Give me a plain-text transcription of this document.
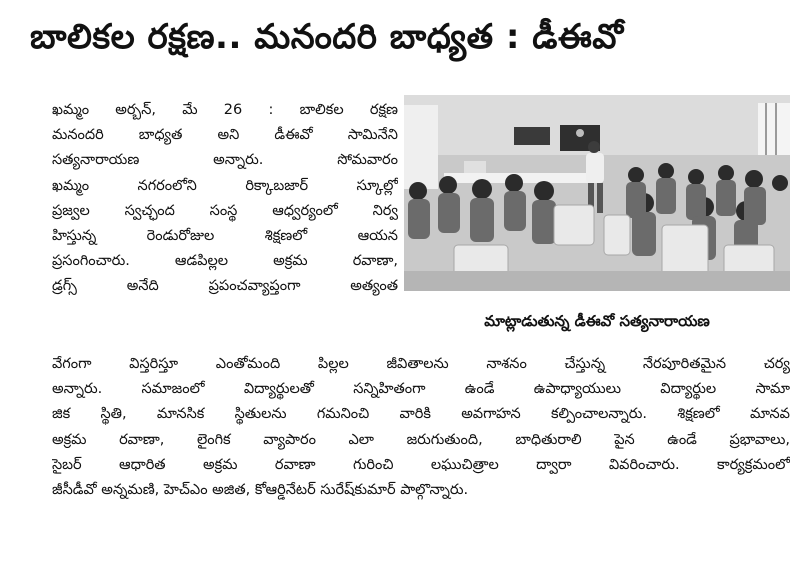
బాలికల రక్షణ.. మనందరి బాధ్యత : డీఈవో
మాట్లాడుతున్న డీఈవో సత్యనారాయణ
ఖమ్మం అర్బన్, మే 26 : బాలికల రక్షణ
మనందరి బాధ్యత అని డీఈవో సామినేని
సత్యనారాయణ అన్నారు. సోమవారం
ఖమ్మం నగరంలోని రిక్కాబజార్ స్కూల్లో
ప్రజ్వల స్వచ్ఛంద సంస్థ ఆధ్వర్యంలో నిర్వ
హిస్తున్న రెండురోజుల శిక్షణలో ఆయన
ప్రసంగించారు. ఆడపిల్లల అక్రమ రవాణా,
డ్రగ్స్ అనేది ప్రపంచవ్యాప్తంగా అత్యంత
వేగంగా విస్తరిస్తూ ఎంతోమంది పిల్లల జీవితాలను నాశనం చేస్తున్న నేరపూరితమైన చర్య
అన్నారు. సమాజంలో విద్యార్థులతో సన్నిహితంగా ఉండే ఉపాధ్యాయులు విద్యార్థుల సామా
జిక స్థితి, మానసిక స్థితులను గమనించి వారికి అవగాహన కల్పించాలన్నారు. శిక్షణలో మానవ
అక్రమ రవాణా, లైంగిక వ్యాపారం ఎలా జరుగుతుంది, బాధితురాలి పైన ఉండే ప్రభావాలు,
సైబర్ ఆధారిత అక్రమ రవాణా గురించి లఘుచిత్రాల ద్వారా వివరించారు. కార్యక్రమంలో
జీసీడీవో అన్నమణి, హెచ్‌ఎం అజిత, కోఆర్డినేటర్ సురేష్‌కుమార్ పాల్గొన్నారు.
